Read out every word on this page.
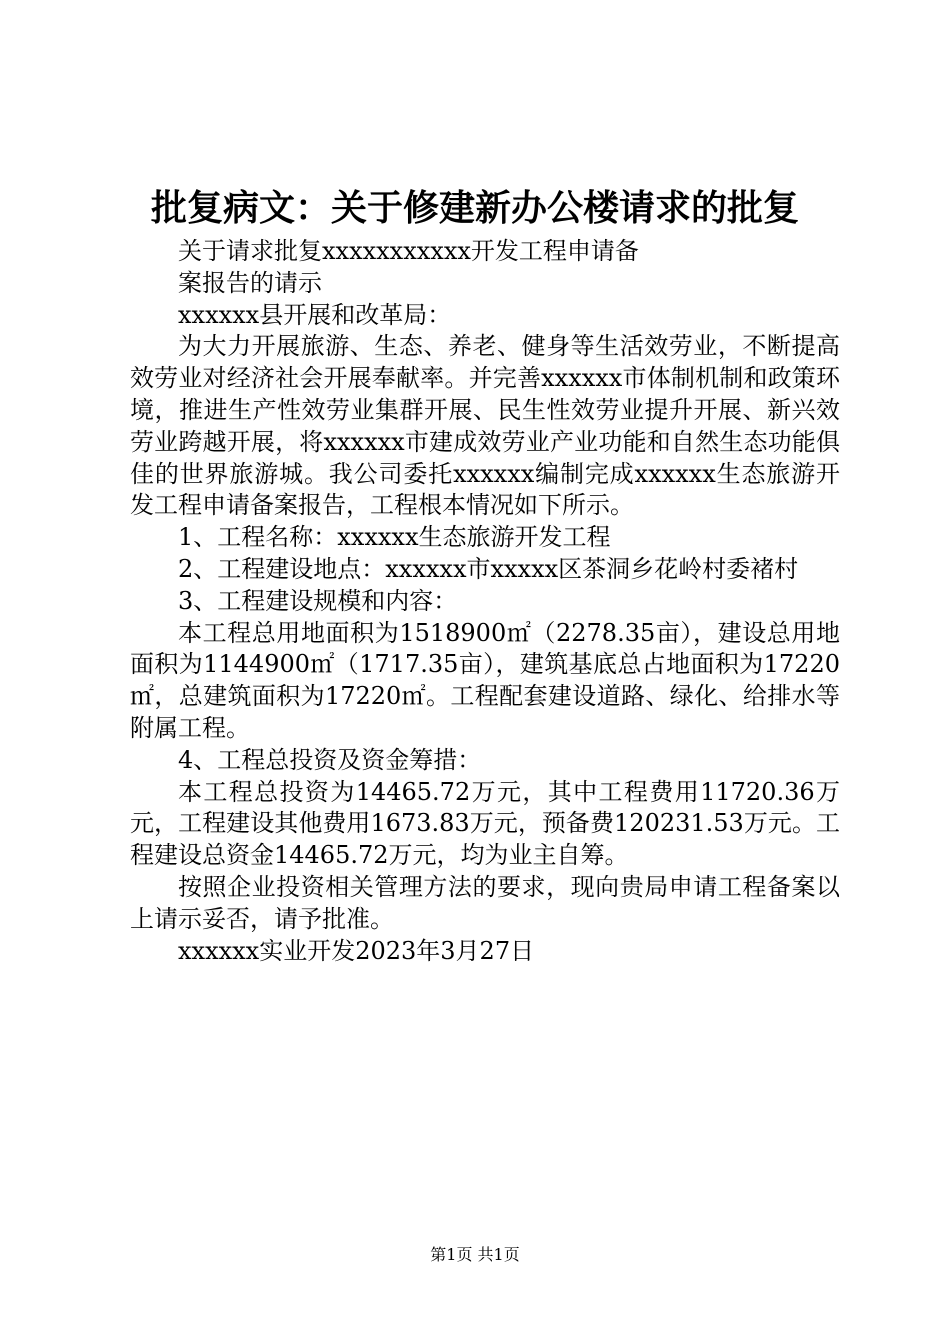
批复病文：关于修建新办公楼请求的批复
关于请求批复xxxxxxxxxxx开发工程申请备
案报告的请示

xxxxxx县开展和改革局：

为大力开展旅游、生态、养老、健身等生活效劳业，不断提高效劳业对经济社会开展奉献率。并完善xxxxxx市体制机制和政策环境，推进生产性效劳业集群开展、民生性效劳业提升开展、新兴效劳业跨越开展，将xxxxxx市建成效劳业产业功能和自然生态功能俱佳的世界旅游城。我公司委托xxxxxx编制完成xxxxxx生态旅游开发工程申请备案报告，工程根本情况如下所示。

1、工程名称：xxxxxx生态旅游开发工程

2、工程建设地点：xxxxxx市xxxxx区茶洞乡花岭村委褚村

3、工程建设规模和内容：

本工程总用地面积为1518900㎡（2278.35亩），建设总用地面积为1144900㎡（1717.35亩），建筑基底总占地面积为17220㎡，总建筑面积为17220㎡。工程配套建设道路、绿化、给排水等附属工程。

4、工程总投资及资金筹措：

本工程总投资为14465.72万元，其中工程费用11720.36万元，工程建设其他费用1673.83万元，预备费120231.53万元。工程建设总资金14465.72万元，均为业主自筹。

按照企业投资相关管理方法的要求，现向贵局申请工程备案以上请示妥否，请予批准。

xxxxxx实业开发2023年3月27日

第1页 共1页
